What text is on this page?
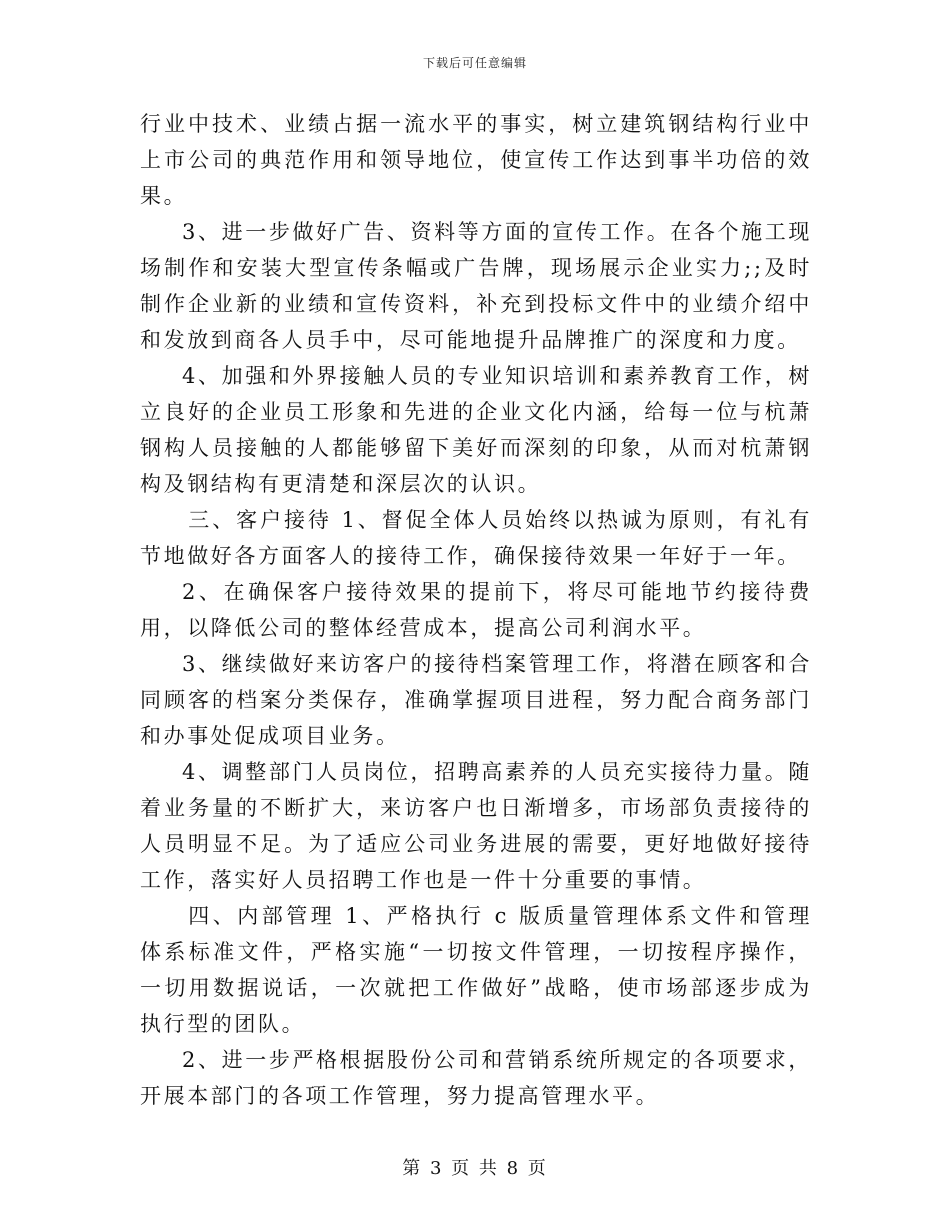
下载后可任意编辑

行业中技术、业绩占据一流水平的事实，树立建筑钢结构行业中上市公司的典范作用和领导地位，使宣传工作达到事半功倍的效果。

3、进一步做好广告、资料等方面的宣传工作。在各个施工现场制作和安装大型宣传条幅或广告牌，现场展示企业实力;;及时制作企业新的业绩和宣传资料，补充到投标文件中的业绩介绍中和发放到商各人员手中，尽可能地提升品牌推广的深度和力度。

4、加强和外界接触人员的专业知识培训和素养教育工作，树立良好的企业员工形象和先进的企业文化内涵，给每一位与杭萧钢构人员接触的人都能够留下美好而深刻的印象，从而对杭萧钢构及钢结构有更清楚和深层次的认识。

三、客户接待 1、督促全体人员始终以热诚为原则，有礼有节地做好各方面客人的接待工作，确保接待效果一年好于一年。

2、在确保客户接待效果的提前下，将尽可能地节约接待费用，以降低公司的整体经营成本，提高公司利润水平。

3、继续做好来访客户的接待档案管理工作，将潜在顾客和合同顾客的档案分类保存，准确掌握项目进程，努力配合商务部门和办事处促成项目业务。

4、调整部门人员岗位，招聘高素养的人员充实接待力量。随着业务量的不断扩大，来访客户也日渐增多，市场部负责接待的人员明显不足。为了适应公司业务进展的需要，更好地做好接待工作，落实好人员招聘工作也是一件十分重要的事情。

四、内部管理 1、严格执行 c 版质量管理体系文件和管理体系标准文件，严格实施“一切按文件管理，一切按程序操作，一切用数据说话，一次就把工作做好”战略，使市场部逐步成为执行型的团队。

2、进一步严格根据股份公司和营销系统所规定的各项要求，开展本部门的各项工作管理，努力提高管理水平。

第 3 页 共 8 页
